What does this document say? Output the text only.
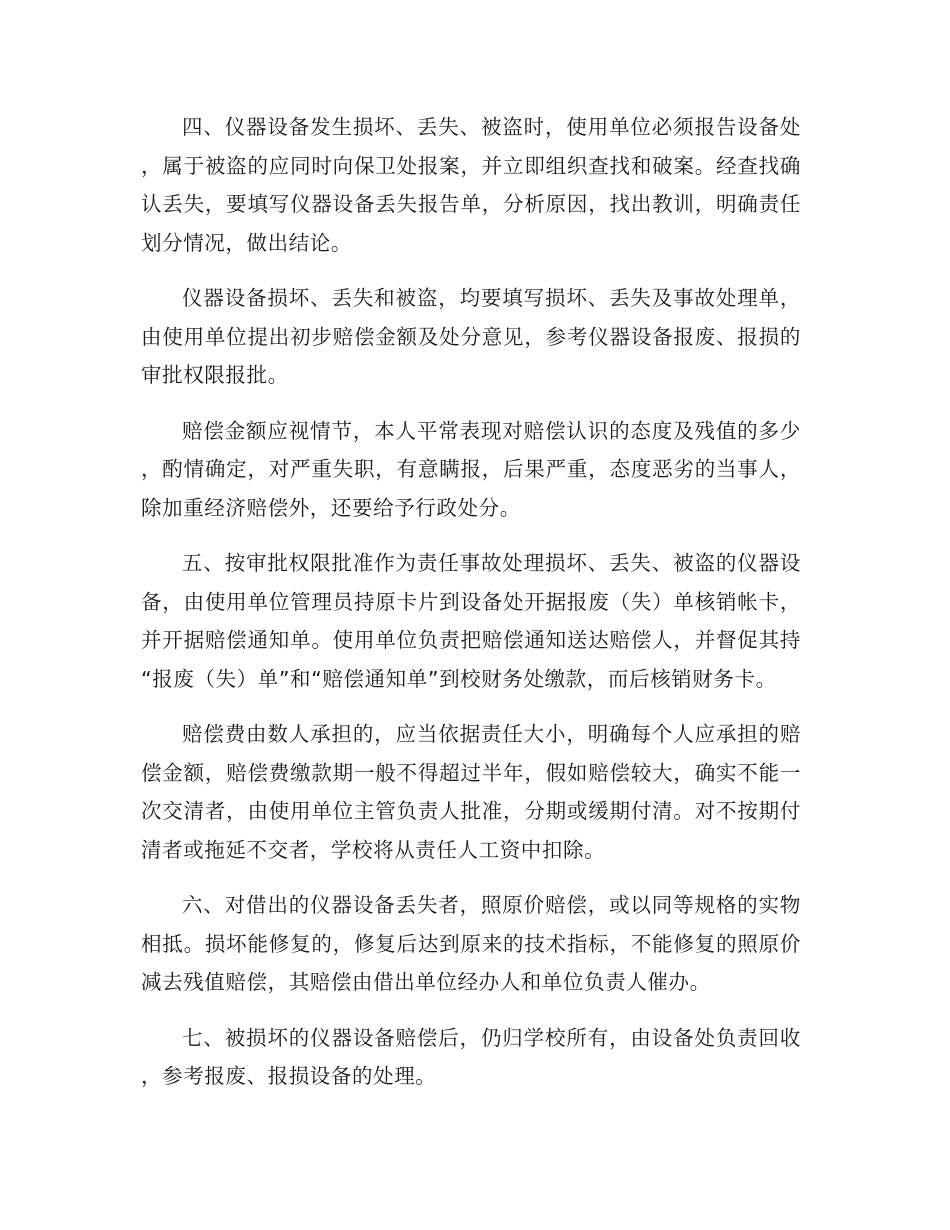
四、仪器设备发生损坏、丢失、被盗时，使用单位必须报告设备处，属于被盗的应同时向保卫处报案，并立即组织查找和破案。经查找确认丢失，要填写仪器设备丢失报告单，分析原因，找出教训，明确责任划分情况，做出结论。

仪器设备损坏、丢失和被盗，均要填写损坏、丢失及事故处理单，由使用单位提出初步赔偿金额及处分意见，参考仪器设备报废、报损的审批权限报批。

赔偿金额应视情节，本人平常表现对赔偿认识的态度及残值的多少，酌情确定，对严重失职，有意瞒报，后果严重，态度恶劣的当事人，除加重经济赔偿外，还要给予行政处分。

五、按审批权限批准作为责任事故处理损坏、丢失、被盗的仪器设备，由使用单位管理员持原卡片到设备处开据报废（失）单核销帐卡，并开据赔偿通知单。使用单位负责把赔偿通知送达赔偿人，并督促其持“报废（失）单”和“赔偿通知单”到校财务处缴款，而后核销财务卡。

赔偿费由数人承担的，应当依据责任大小，明确每个人应承担的赔偿金额，赔偿费缴款期一般不得超过半年，假如赔偿较大，确实不能一次交清者，由使用单位主管负责人批准，分期或缓期付清。对不按期付清者或拖延不交者，学校将从责任人工资中扣除。

六、对借出的仪器设备丢失者，照原价赔偿，或以同等规格的实物相抵。损坏能修复的，修复后达到原来的技术指标，不能修复的照原价减去残值赔偿，其赔偿由借出单位经办人和单位负责人催办。

七、被损坏的仪器设备赔偿后，仍归学校所有，由设备处负责回收，参考报废、报损设备的处理。
